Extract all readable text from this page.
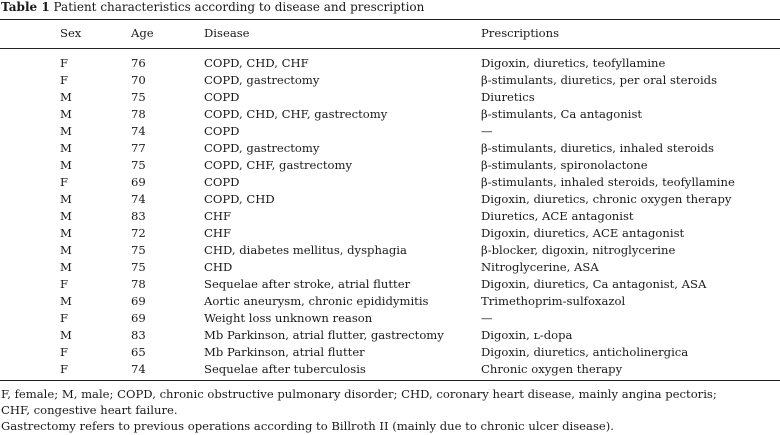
Table 1 Patient characteristics according to disease and prescription
Sex	Age	Disease	Prescriptions
F	76	COPD, CHD, CHF	Digoxin, diuretics, teofyllamine
F	70	COPD, gastrectomy	β-stimulants, diuretics, per oral steroids
M	75	COPD	Diuretics
M	78	COPD, CHD, CHF, gastrectomy	β-stimulants, Ca antagonist
M	74	COPD	—
M	77	COPD, gastrectomy	β-stimulants, diuretics, inhaled steroids
M	75	COPD, CHF, gastrectomy	β-stimulants, spironolactone
F	69	COPD	β-stimulants, inhaled steroids, teofyllamine
M	74	COPD, CHD	Digoxin, diuretics, chronic oxygen therapy
M	83	CHF	Diuretics, ACE antagonist
M	72	CHF	Digoxin, diuretics, ACE antagonist
M	75	CHD, diabetes mellitus, dysphagia	β-blocker, digoxin, nitroglycerine
M	75	CHD	Nitroglycerine, ASA
F	78	Sequelae after stroke, atrial flutter	Digoxin, diuretics, Ca antagonist, ASA
M	69	Aortic aneurysm, chronic epididymitis	Trimethoprim-sulfoxazol
F	69	Weight loss unknown reason	—
M	83	Mb Parkinson, atrial flutter, gastrectomy	Digoxin, ʟ-dopa
F	65	Mb Parkinson, atrial flutter	Digoxin, diuretics, anticholinergica
F	74	Sequelae after tuberculosis	Chronic oxygen therapy
F, female; M, male; COPD, chronic obstructive pulmonary disorder; CHD, coronary heart disease, mainly angina pectoris;
CHF, congestive heart failure.
Gastrectomy refers to previous operations according to Billroth II (mainly due to chronic ulcer disease).
